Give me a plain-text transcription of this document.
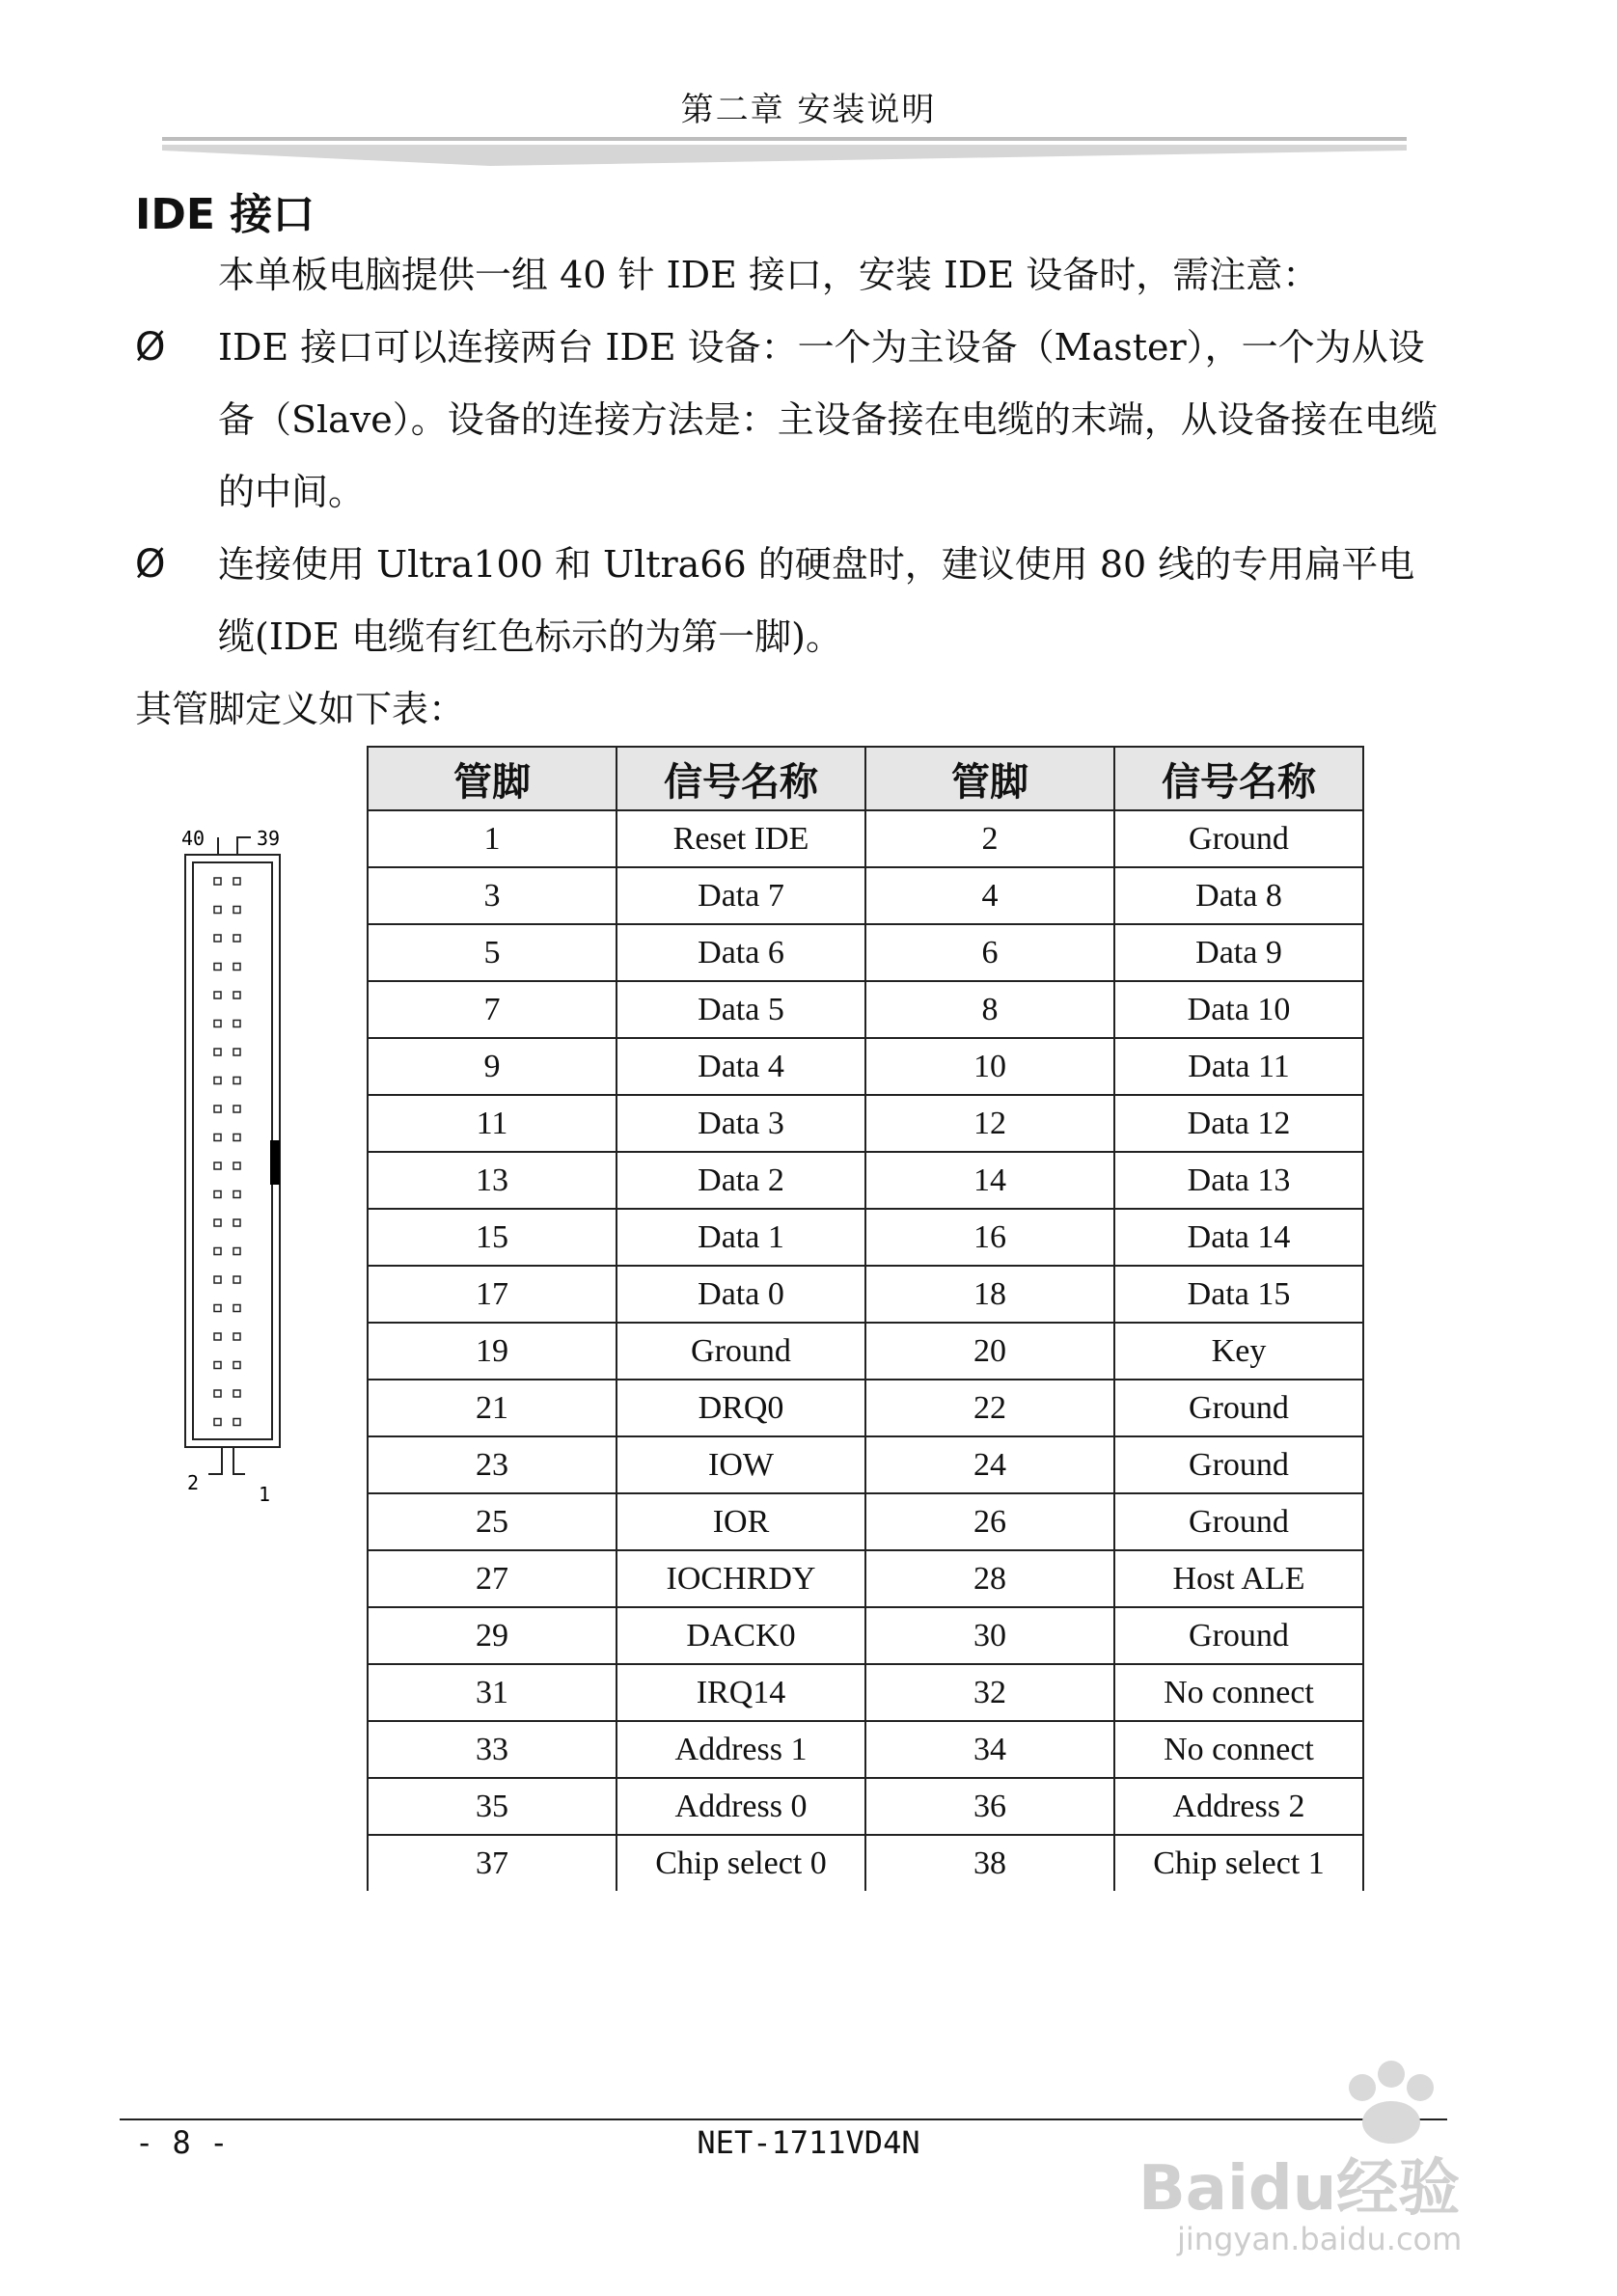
第二章 安装说明
IDE 接口

本单板电脑提供一组 40 针 IDE 接口，安装 IDE 设备时，需注意：

Ø IDE 接口可以连接两台 IDE 设备：一个为主设备（Master），一个为从设备（Slave）。设备的连接方法是：主设备接在电缆的末端，从设备接在电缆的中间。
Ø 连接使用 Ultra100 和 Ultra66 的硬盘时，建议使用 80 线的专用扁平电缆(IDE 电缆有红色标示的为第一脚)。

其管脚定义如下表：

40	39
2	1
管脚	信号名称	管脚	信号名称
1	Reset IDE	2	Ground
3	Data 7	4	Data 8
5	Data 6	6	Data 9
7	Data 5	8	Data 10
9	Data 4	10	Data 11
11	Data 3	12	Data 12
13	Data 2	14	Data 13
15	Data 1	16	Data 14
17	Data 0	18	Data 15
19	Ground	20	Key
21	DRQ0	22	Ground
23	IOW	24	Ground
25	IOR	26	Ground
27	IOCHRDY	28	Host ALE
29	DACK0	30	Ground
31	IRQ14	32	No connect
33	Address 1	34	No connect
35	Address 0	36	Address 2
37	Chip select 0	38	Chip select 1
- 8 -	NET-1711VD4N
Baidu经验
jingyan.baidu.com
